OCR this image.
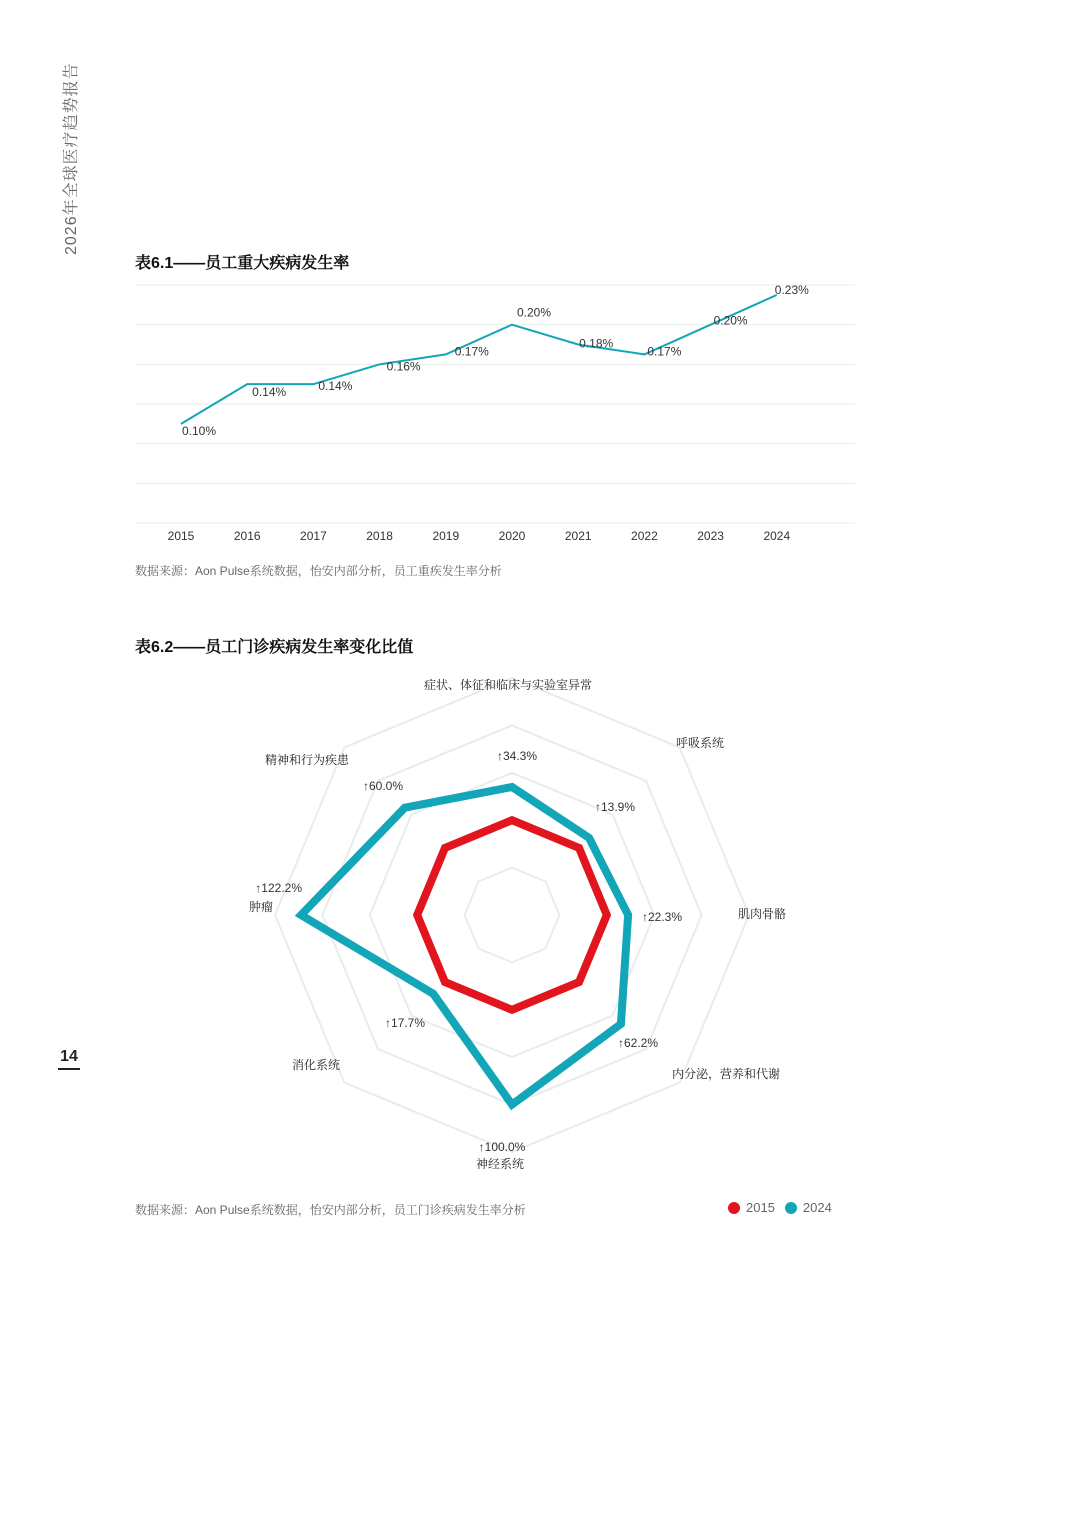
2026年全球医疗趋势报告
14
表6.1——员工重大疾病发生率
2015	2016	2017	2018	2019	2020	2021	2022	2023	2024
0.10%
0.14%	0.14%
0.16%
0.17%
0.20%
0.18%
0.17%
0.20%
0.23%
症状、体征和临床与实验室异常
↑34.3%
呼吸系统
↑13.9%
肌肉骨骼
↑22.3%
内分泌，营养和代谢
↑62.2%
神经系统
↑100.0%
消化系统
↑17.7%
肿瘤
↑122.2%
精神和行为疾患
↑60.0%
数据来源：Aon Pulse系统数据，怡安内部分析，员工重疾发生率分析
表6.2——员工门诊疾病发生率变化比值
数据来源：Aon Pulse系统数据，怡安内部分析，员工门诊疾病发生率分析	2015 2024
